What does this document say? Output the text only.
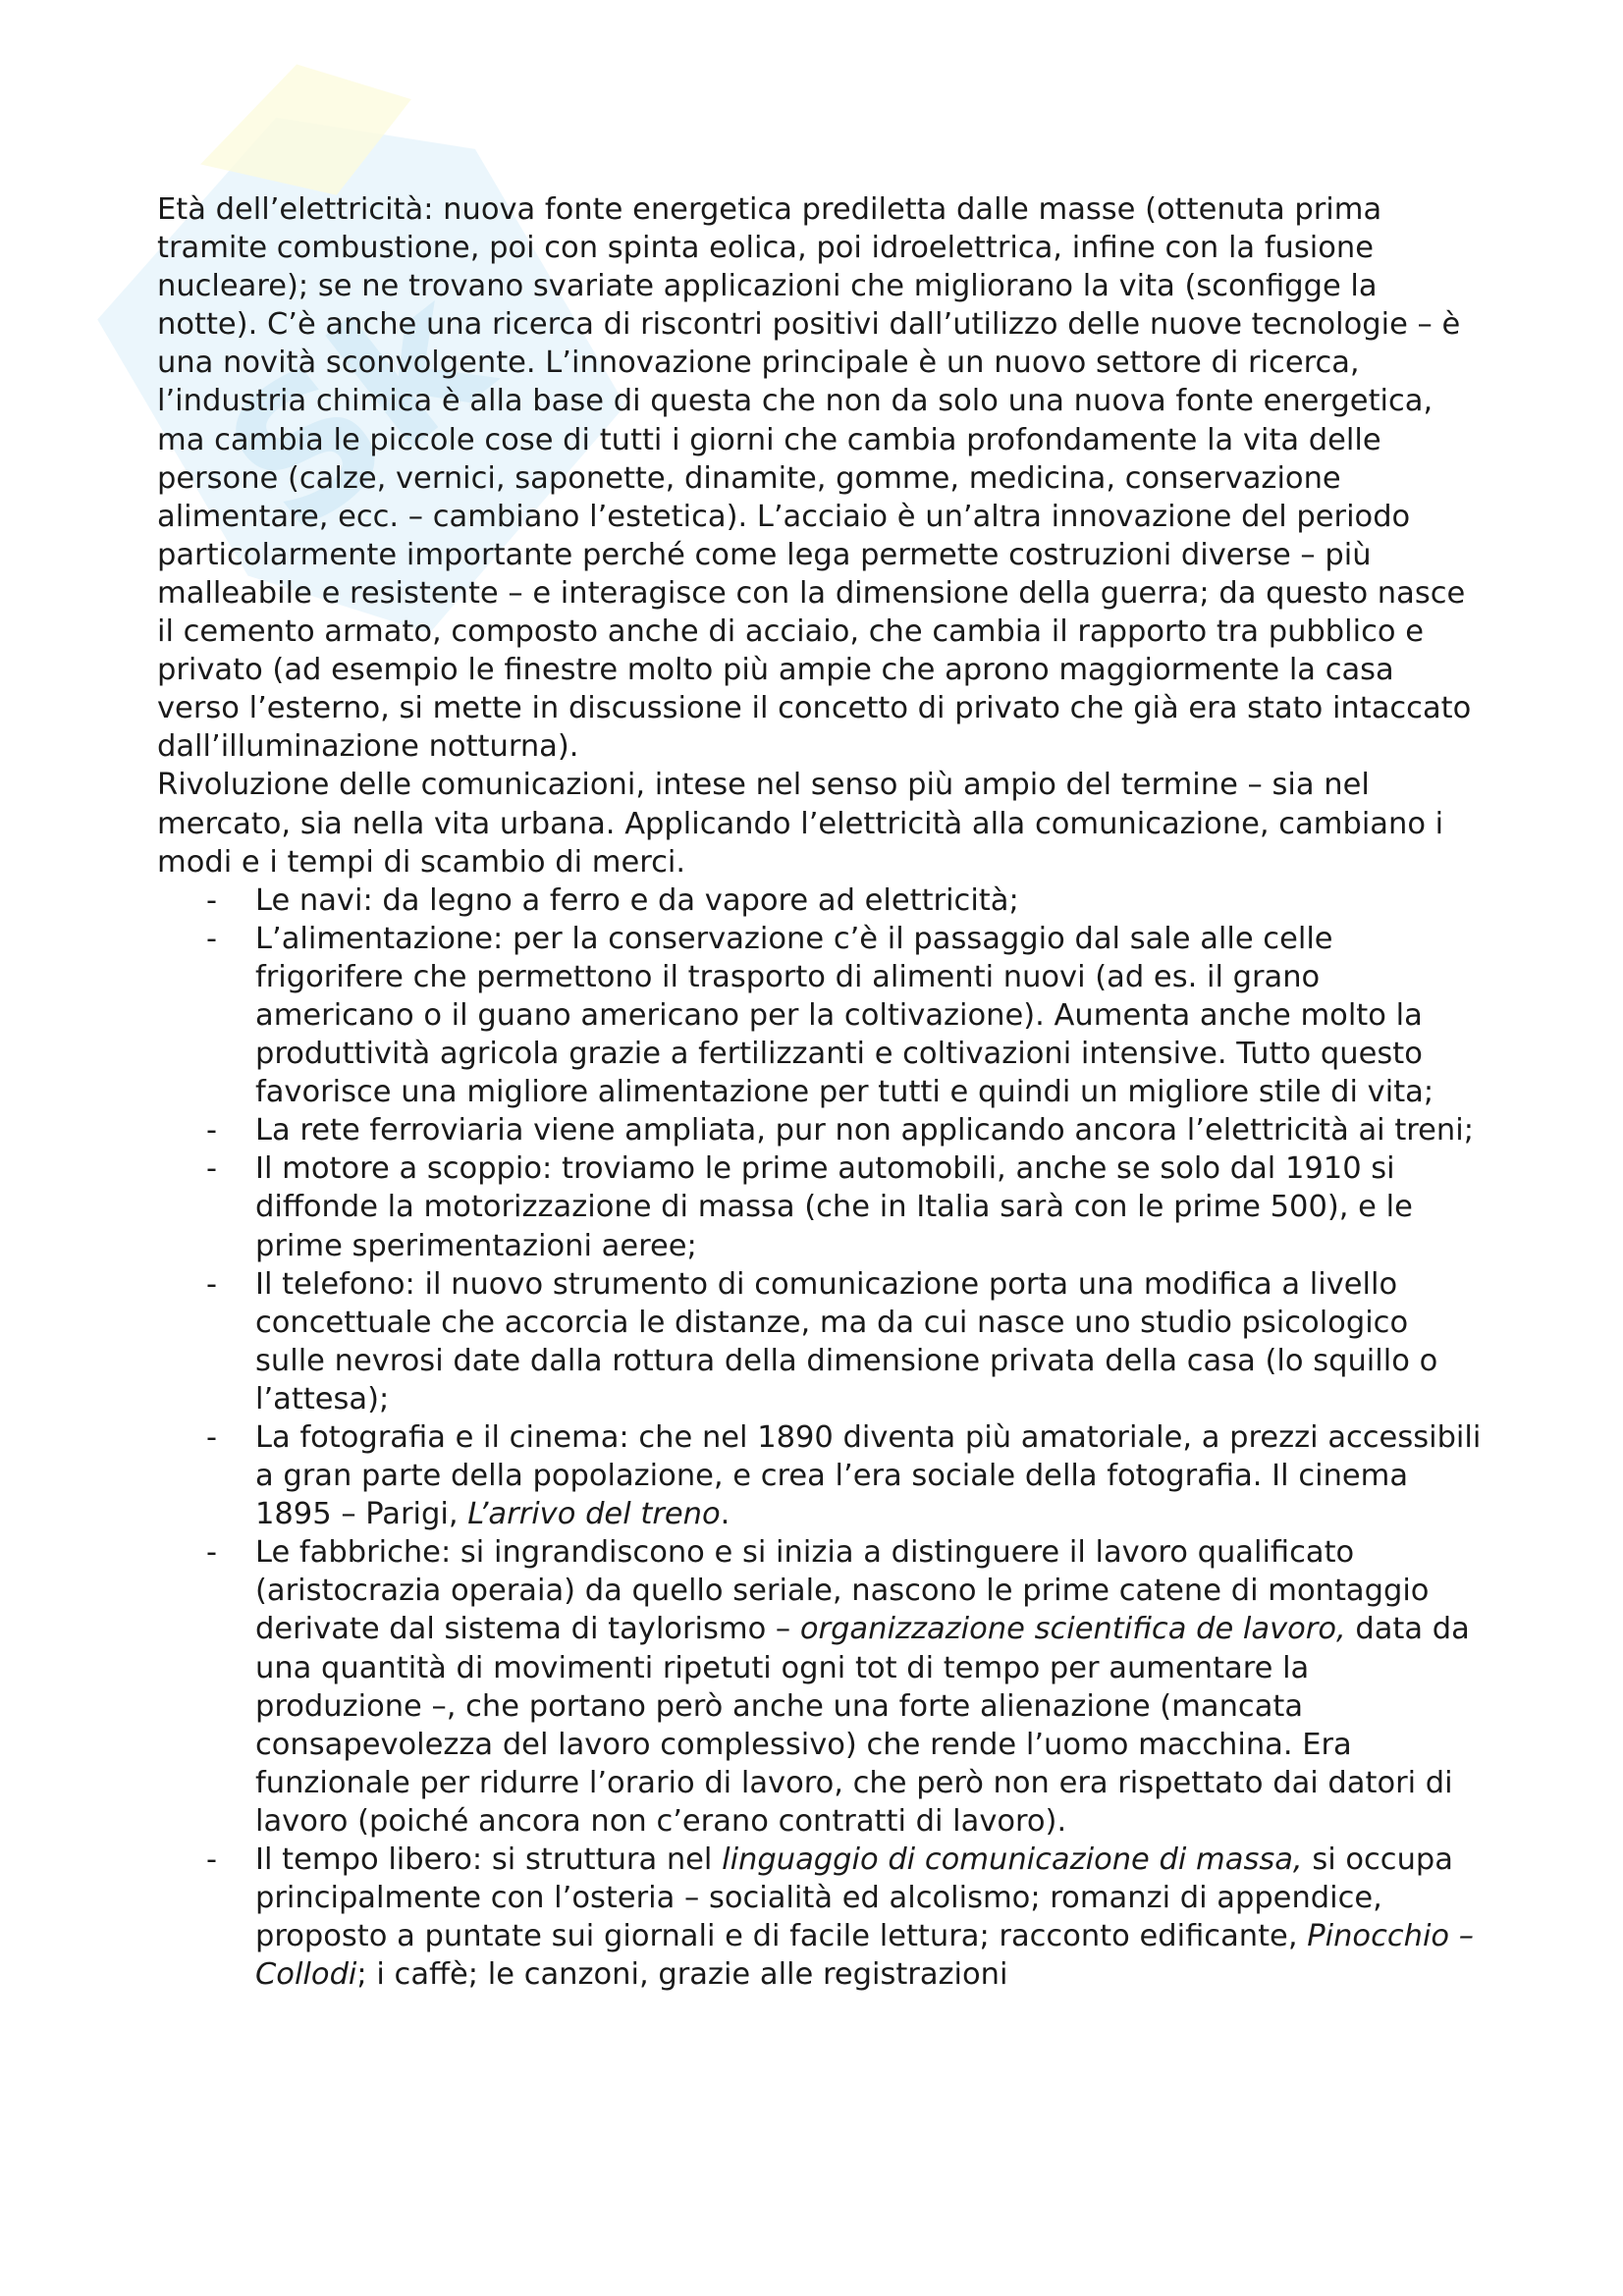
Sk

Età dell’elettricità: nuova fonte energetica prediletta dalle masse (ottenuta prima tramite combustione, poi con spinta eolica, poi idroelettrica, infine con la fusione nucleare); se ne trovano svariate applicazioni che migliorano la vita (sconfigge la notte). C’è anche una ricerca di riscontri positivi dall’utilizzo delle nuove tecnologie – è una novità sconvolgente. L’innovazione principale è un nuovo settore di ricerca, l’industria chimica è alla base di questa che non da solo una nuova fonte energetica, ma cambia le piccole cose di tutti i giorni che cambia profondamente la vita delle persone (calze, vernici, saponette, dinamite, gomme, medicina, conservazione alimentare, ecc. – cambiano l’estetica). L’acciaio è un’altra innovazione del periodo particolarmente importante perché come lega permette costruzioni diverse – più malleabile e resistente – e interagisce con la dimensione della guerra; da questo nasce il cemento armato, composto anche di acciaio, che cambia il rapporto tra pubblico e privato (ad esempio le finestre molto più ampie che aprono maggiormente la casa verso l’esterno, si mette in discussione il concetto di privato che già era stato intaccato dall’illuminazione notturna).

Rivoluzione delle comunicazioni, intese nel senso più ampio del termine – sia nel mercato, sia nella vita urbana. Applicando l’elettricità alla comunicazione, cambiano i modi e i tempi di scambio di merci.

- Le navi: da legno a ferro e da vapore ad elettricità;
- L’alimentazione: per la conservazione c’è il passaggio dal sale alle celle frigorifere che permettono il trasporto di alimenti nuovi (ad es. il grano americano o il guano americano per la coltivazione). Aumenta anche molto la produttività agricola grazie a fertilizzanti e coltivazioni intensive. Tutto questo favorisce una migliore alimentazione per tutti e quindi un migliore stile di vita;
- La rete ferroviaria viene ampliata, pur non applicando ancora l’elettricità ai treni;
- Il motore a scoppio: troviamo le prime automobili, anche se solo dal 1910 si diffonde la motorizzazione di massa (che in Italia sarà con le prime 500), e le prime sperimentazioni aeree;
- Il telefono: il nuovo strumento di comunicazione porta una modifica a livello concettuale che accorcia le distanze, ma da cui nasce uno studio psicologico sulle nevrosi date dalla rottura della dimensione privata della casa (lo squillo o l’attesa);
- La fotografia e il cinema: che nel 1890 diventa più amatoriale, a prezzi accessibili a gran parte della popolazione, e crea l’era sociale della fotografia. Il cinema 1895 – Parigi, L’arrivo del treno.
- Le fabbriche: si ingrandiscono e si inizia a distinguere il lavoro qualificato (aristocrazia operaia) da quello seriale, nascono le prime catene di montaggio derivate dal sistema di taylorismo – organizzazione scientifica de lavoro, data da una quantità di movimenti ripetuti ogni tot di tempo per aumentare la produzione –, che portano però anche una forte alienazione (mancata consapevolezza del lavoro complessivo) che rende l’uomo macchina. Era funzionale per ridurre l’orario di lavoro, che però non era rispettato dai datori di lavoro (poiché ancora non c’erano contratti di lavoro).
- Il tempo libero: si struttura nel linguaggio di comunicazione di massa, si occupa principalmente con l’osteria – socialità ed alcolismo; romanzi di appendice, proposto a puntate sui giornali e di facile lettura; racconto edificante, Pinocchio – Collodi; i caffè; le canzoni, grazie alle registrazioni
